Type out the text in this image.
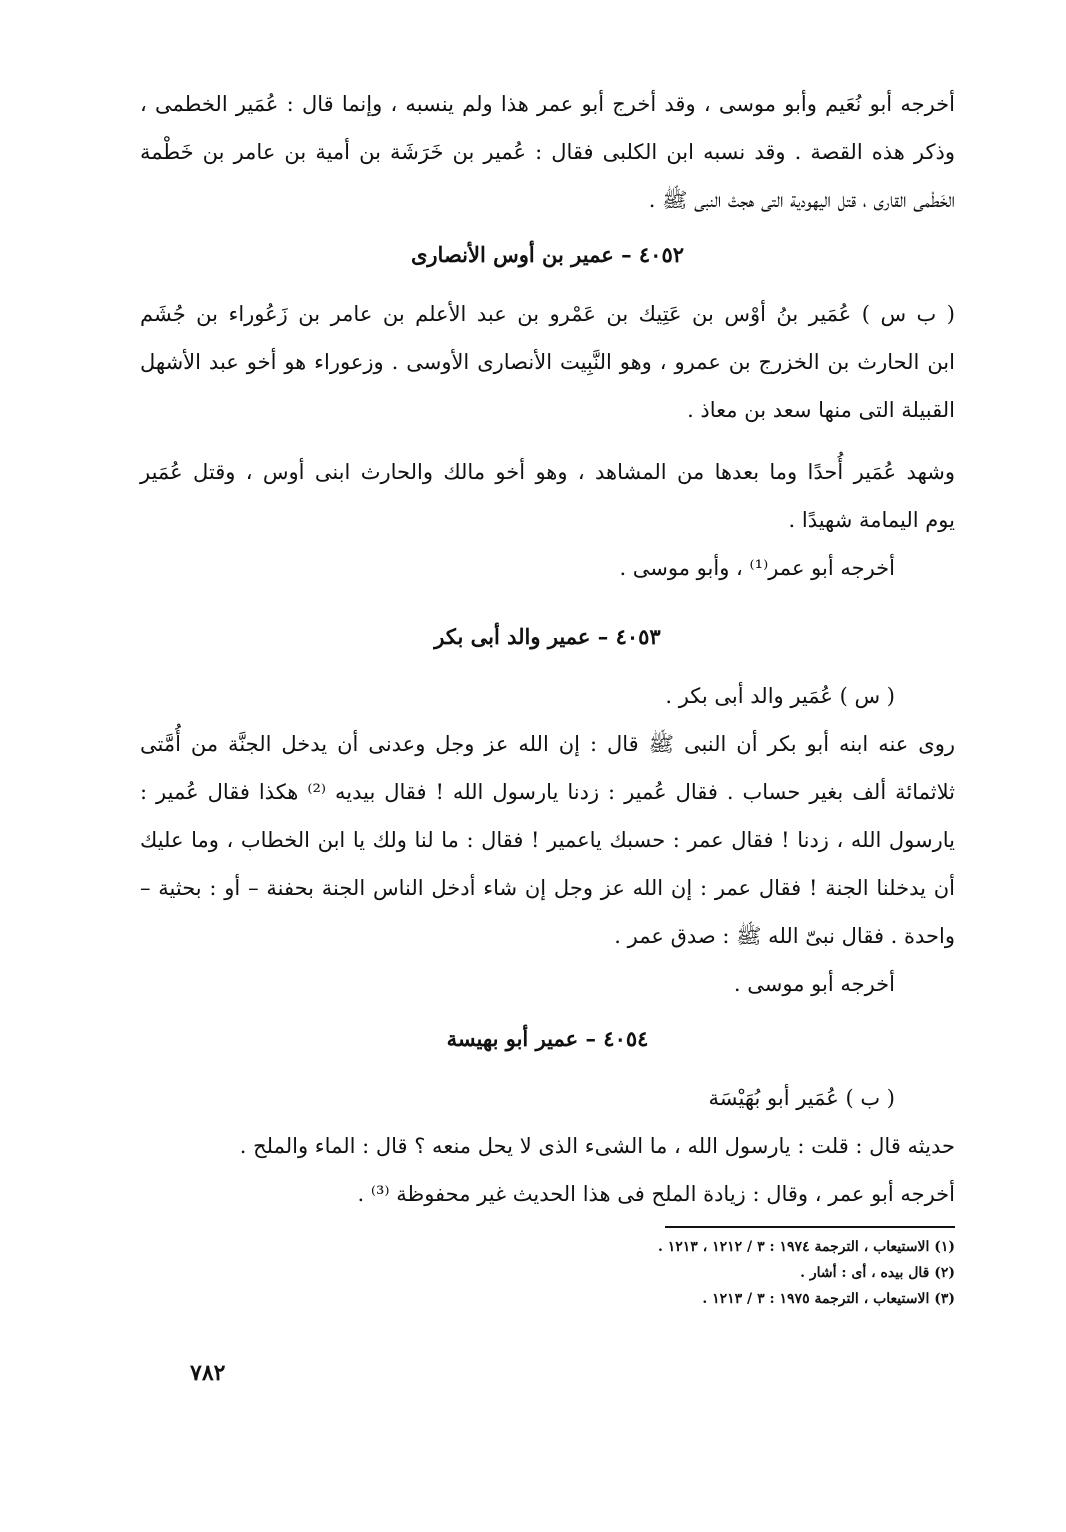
أخرجه أبو نُعَيم وأبو موسى ، وقد أخرج أبو عمر هذا ولم ينسبه ، وإنما قال : عُمَير الخطمى ،
وذكر هذه القصة . وقد نسبه ابن الكلبى فقال : عُمير بن خَرَشَة بن أمية بن عامر بن خَطْمة
الخَطْمى القارى ، قتل اليهودية التى هجتْ النبى ﷺ .
٤٠٥٢ – عمير بن أوس الأنصارى
( ب س ) عُمَير بنُ أوْس بن عَتِيك بن عَمْرو بن عبد الأعلم بن عامر بن زَعُوراء بن جُشَم
ابن الحارث بن الخزرج بن عمرو ، وهو النَّبِيت الأنصارى الأوسى . وزعوراء هو أخو عبد الأشهل
القبيلة التى منها سعد بن معاذ .
وشهد عُمَير أُحدًا وما بعدها من المشاهد ، وهو أخو مالك والحارث ابنى أوس ، وقتل عُمَير
يوم اليمامة شهيدًا .
أخرجه أبو عمر⁽¹⁾ ، وأبو موسى .
٤٠٥٣ – عمير والد أبى بكر
( س ) عُمَير والد أبى بكر .
روى عنه ابنه أبو بكر أن النبى ﷺ قال : إن الله عز وجل وعدنى أن يدخل الجنَّة من أُمَّتى
ثلاثمائة ألف بغير حساب . فقال عُمير : زدنا يارسول الله ! فقال بيديه ⁽²⁾ هكذا فقال عُمير :
يارسول الله ، زدنا ! فقال عمر : حسبك ياعمير ! فقال : ما لنا ولك يا ابن الخطاب ، وما عليك
أن يدخلنا الجنة ! فقال عمر : إن الله عز وجل إن شاء أدخل الناس الجنة بحفنة – أو : بحثية –
واحدة . فقال نبىّ الله ﷺ : صدق عمر .
أخرجه أبو موسى .
٤٠٥٤ – عمير أبو بهيسة
( ب ) عُمَير أبو بُهَيْسَة
حديثه قال : قلت : يارسول الله ، ما الشىء الذى لا يحل منعه ؟ قال : الماء والملح .
أخرجه أبو عمر ، وقال : زيادة الملح فى هذا الحديث غير محفوظة ⁽³⁾ .
(١) الاستيعاب ، الترجمة ١٩٧٤ : ٣ / ١٢١٢ ، ١٢١٣ .
(٢) قال بيده ، أى : أشار .
(٣) الاستيعاب ، الترجمة ١٩٧٥ : ٣ / ١٢١٣ .
٧٨٢
